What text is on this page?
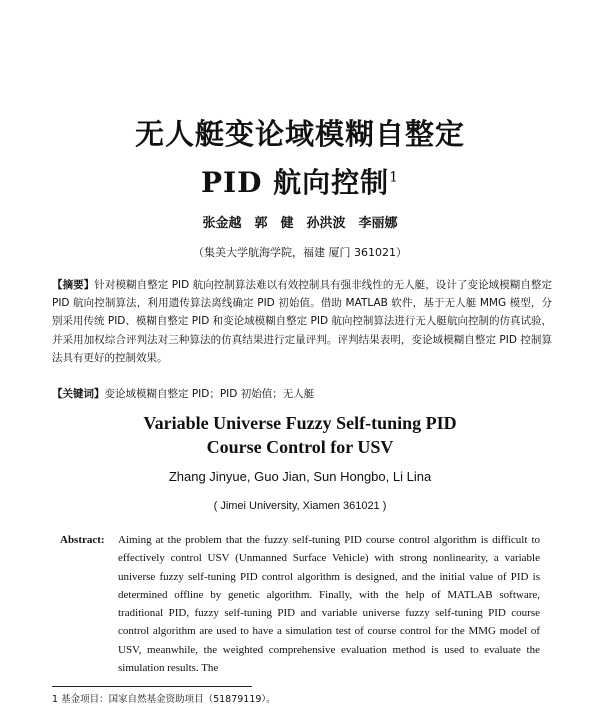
无人艇变论域模糊自整定
PID 航向控制$^1$
张金越　郭　健　孙洪波　李丽娜
（集美大学航海学院，福建 厦门 361021）
【摘要】针对模糊自整定 PID 航向控制算法难以有效控制具有强非线性的无人艇，设计了变论域模糊自整定 PID 航向控制算法，利用遗传算法离线确定 PID 初始值。借助 MATLAB 软件，基于无人艇 MMG 模型，分别采用传统 PID、模糊自整定 PID 和变论域模糊自整定 PID 航向控制算法进行无人艇航向控制的仿真试验，并采用加权综合评判法对三种算法的仿真结果进行定量评判。评判结果表明，变论域模糊自整定 PID 控制算法具有更好的控制效果。
【关键词】变论域模糊自整定 PID；PID 初始值；无人艇
Variable Universe Fuzzy Self-tuning PID
Course Control for USV
Zhang Jinyue, Guo Jian, Sun Hongbo, Li Lina
( Jimei University, Xiamen 361021 )
Abstract: Aiming at the problem that the fuzzy self-tuning PID course control algorithm is difficult to effectively control USV (Unmanned Surface Vehicle) with strong nonlinearity, a variable universe fuzzy self-tuning PID control algorithm is designed, and the initial value of PID is determined offline by genetic algorithm. Finally, with the help of MATLAB software, traditional PID, fuzzy self-tuning PID and variable universe fuzzy self-tuning PID course control algorithm are used to have a simulation test of course control for the MMG model of USV, meanwhile, the weighted comprehensive evaluation method is used to evaluate the simulation results. The
1 基金项目：国家自然基金资助项目（51879119）。
